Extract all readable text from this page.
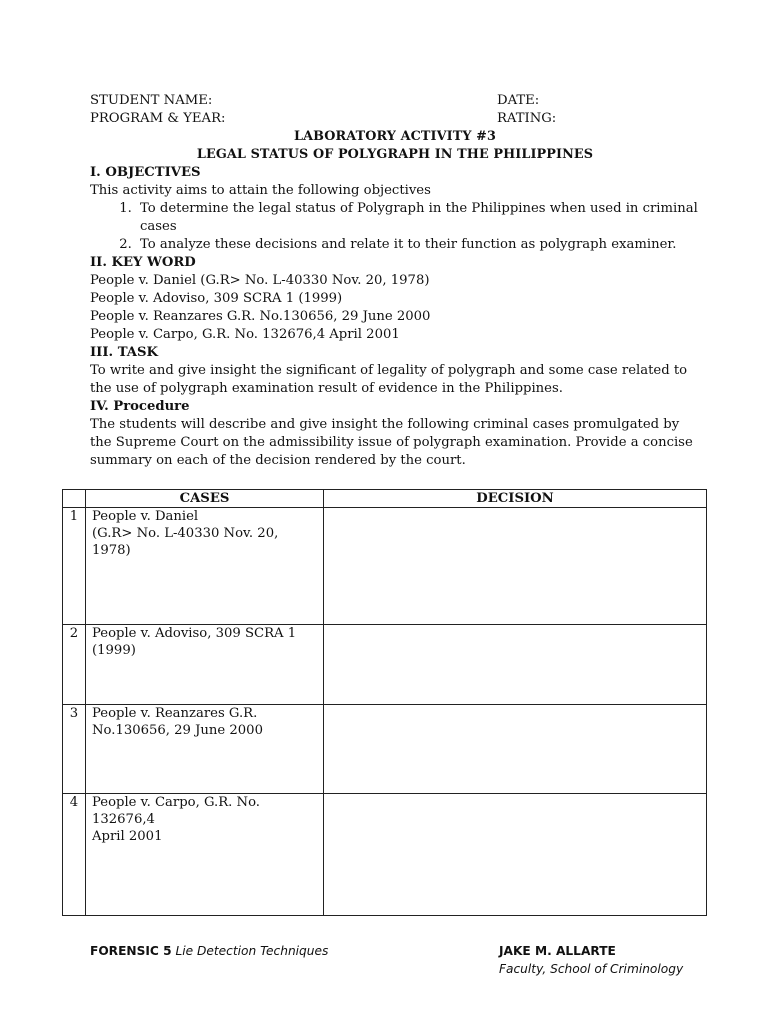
STUDENT NAME:	DATE:
PROGRAM & YEAR:	RATING:
LABORATORY ACTIVITY #3
LEGAL STATUS OF POLYGRAPH IN THE PHILIPPINES
I. OBJECTIVES

This activity aims to attain the following objectives

1. To determine the legal status of Polygraph in the Philippines when used in criminal cases
2. To analyze these decisions and relate it to their function as polygraph examiner.
II. KEY WORD

People v. Daniel (G.R> No. L-40330 Nov. 20, 1978)

People v. Adoviso, 309 SCRA 1 (1999)

People v. Reanzares G.R. No.130656, 29 June 2000

People v. Carpo, G.R. No. 132676,4 April 2001

III. TASK

To write and give insight the significant of legality of polygraph and some case related to the use of polygraph examination result of evidence in the Philippines.

IV. Procedure

The students will describe and give insight the following criminal cases promulgated by the Supreme Court on the admissibility issue of polygraph examination. Provide a concise summary on each of the decision rendered by the court.

	CASES	DECISION
1	People v. Daniel
(G.R> No. L-40330 Nov. 20, 1978)	

2	People v. Adoviso, 309 SCRA 1
(1999)	

3	People v. Reanzares G.R.
No.130656, 29 June 2000	

4	People v. Carpo, G.R. No. 132676,4
April 2001	

FORENSIC 5 Lie Detection Techniques	JAKE M. ALLARTE
Faculty, School of Criminology
